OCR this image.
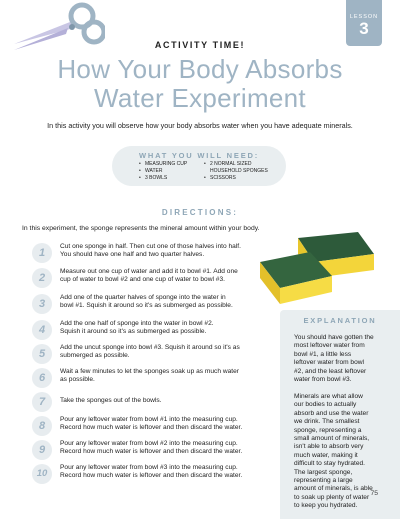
LESSON
3
ACTIVITY TIME!
How Your Body Absorbs
Water Experiment
In this activity you will observe how your body absorbs water when you have adequate minerals.
WHAT YOU WILL NEED:
• MEASURING CUP
• WATER
• 3 BOWLS
• 2 NORMAL SIZED
HOUSEHOLD SPONGES
• SCISSORS
DIRECTIONS:
In this experiment, the sponge represents the mineral amount within your body.
1
Cut one sponge in half. Then cut one of those halves into half.
You should have one half and two quarter halves.
2
Measure out one cup of water and add it to bowl #1. Add one
cup of water to bowl #2 and one cup of water to bowl #3.
3
Add one of the quarter halves of sponge into the water in
bowl #1. Squish it around so it's as submerged as possible.
4
Add the one half of sponge into the water in bowl #2.
Squish it around so it's as submerged as possible.
5
Add the uncut sponge into bowl #3. Squish it around so it's as
submerged as possible.
6
Wait a few minutes to let the sponges soak up as much water
as possible.
7	Take the sponges out of the bowls.
8
Pour any leftover water from bowl #1 into the measuring cup.
Record how much water is leftover and then discard the water.
9
Pour any leftover water from bowl #2 into the measuring cup.
Record how much water is leftover and then discard the water.
10
Pour any leftover water from bowl #3 into the measuring cup.
Record how much water is leftover and then discard the water.
EXPLANATION
You should have gotten the
most leftover water from
bowl #1, a little less
leftover water from bowl
#2, and the least leftover
water from bowl #3.
Minerals are what allow
our bodies to actually
absorb and use the water
we drink. The smallest
sponge, representing a
small amount of minerals,
isn't able to absorb very
much water, making it
difficult to stay hydrated.
The largest sponge,
representing a large
amount of minerals, is able
to soak up plenty of water
to keep you hydrated.
75
